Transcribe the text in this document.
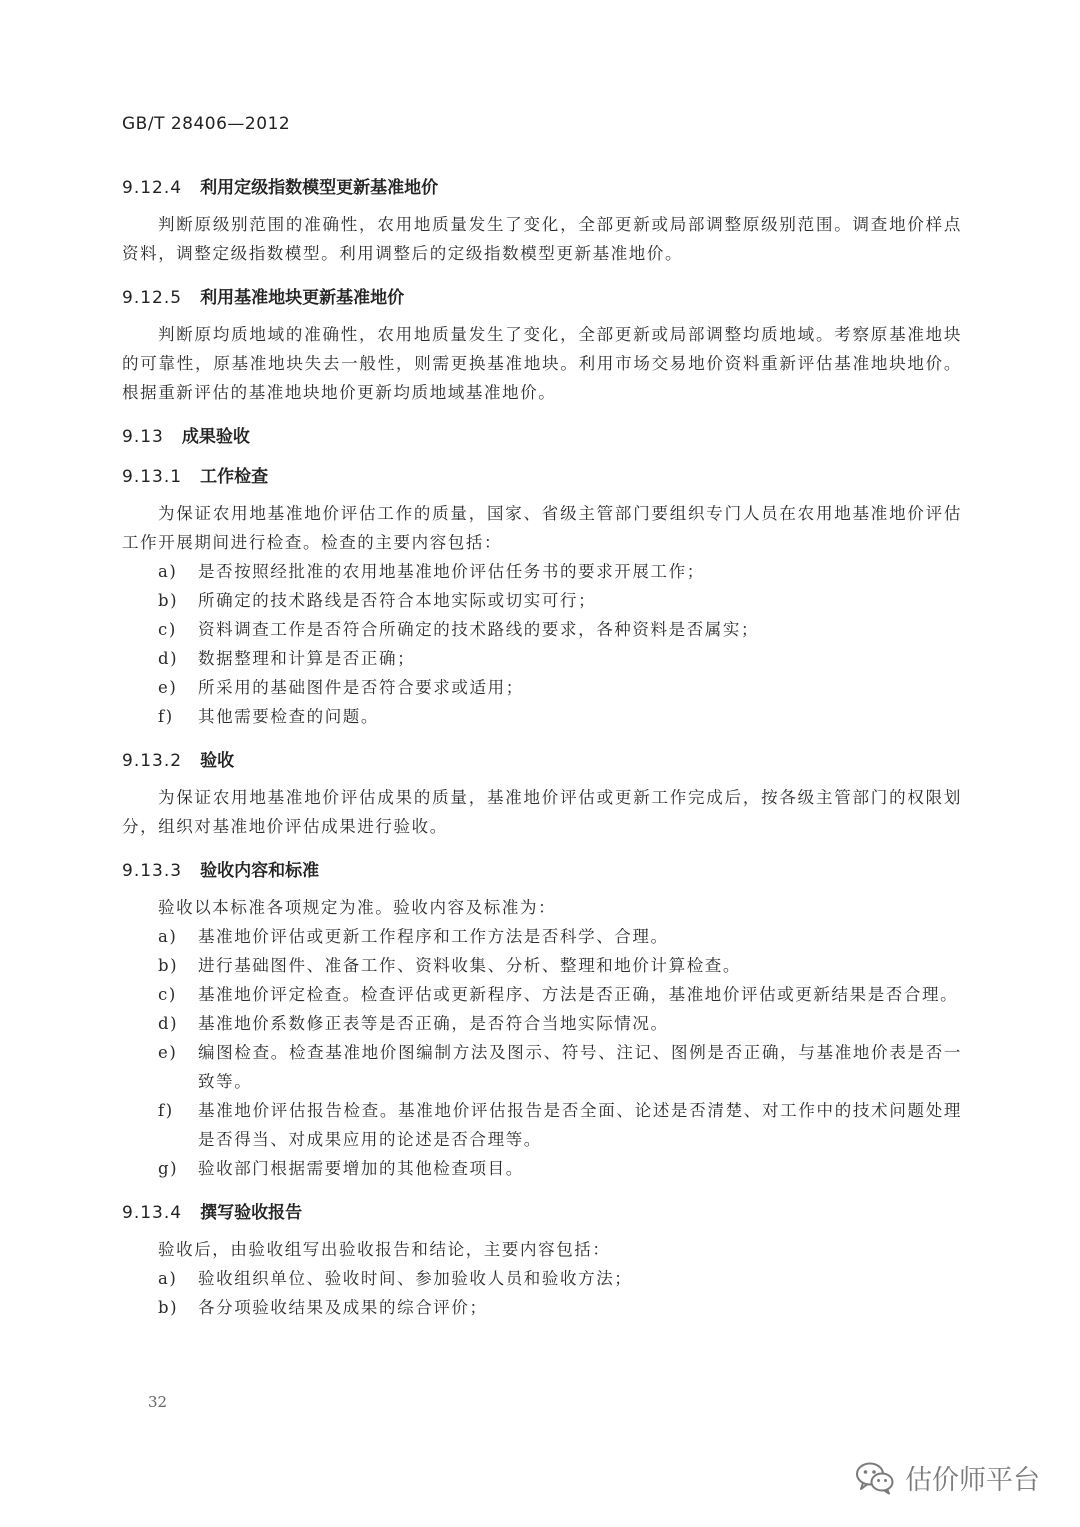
GB/T 28406—2012
9.12.4 利用定级指数模型更新基准地价
判断原级别范围的准确性，农用地质量发生了变化，全部更新或局部调整原级别范围。调查地价样点资料，调整定级指数模型。利用调整后的定级指数模型更新基准地价。
9.12.5 利用基准地块更新基准地价
判断原均质地域的准确性，农用地质量发生了变化，全部更新或局部调整均质地域。考察原基准地块的可靠性，原基准地块失去一般性，则需更换基准地块。利用市场交易地价资料重新评估基准地块地价。根据重新评估的基准地块地价更新均质地域基准地价。
9.13 成果验收
9.13.1 工作检查
为保证农用地基准地价评估工作的质量，国家、省级主管部门要组织专门人员在农用地基准地价评估工作开展期间进行检查。检查的主要内容包括：
a)	是否按照经批准的农用地基准地价评估任务书的要求开展工作；
b)	所确定的技术路线是否符合本地实际或切实可行；
c)	资料调查工作是否符合所确定的技术路线的要求，各种资料是否属实；
d)	数据整理和计算是否正确；
e)	所采用的基础图件是否符合要求或适用；
f)	其他需要检查的问题。
9.13.2 验收
为保证农用地基准地价评估成果的质量，基准地价评估或更新工作完成后，按各级主管部门的权限划分，组织对基准地价评估成果进行验收。
9.13.3 验收内容和标准
验收以本标准各项规定为准。验收内容及标准为：
a)	基准地价评估或更新工作程序和工作方法是否科学、合理。
b)	进行基础图件、准备工作、资料收集、分析、整理和地价计算检查。
c)	基准地价评定检查。检查评估或更新程序、方法是否正确，基准地价评估或更新结果是否合理。
d)	基准地价系数修正表等是否正确，是否符合当地实际情况。
e)	编图检查。检查基准地价图编制方法及图示、符号、注记、图例是否正确，与基准地价表是否一致等。
f)	基准地价评估报告检查。基准地价评估报告是否全面、论述是否清楚、对工作中的技术问题处理是否得当、对成果应用的论述是否合理等。
g)	验收部门根据需要增加的其他检查项目。
9.13.4 撰写验收报告
验收后，由验收组写出验收报告和结论，主要内容包括：
a)	验收组织单位、验收时间、参加验收人员和验收方法；
b)	各分项验收结果及成果的综合评价；
32
估价师平台
